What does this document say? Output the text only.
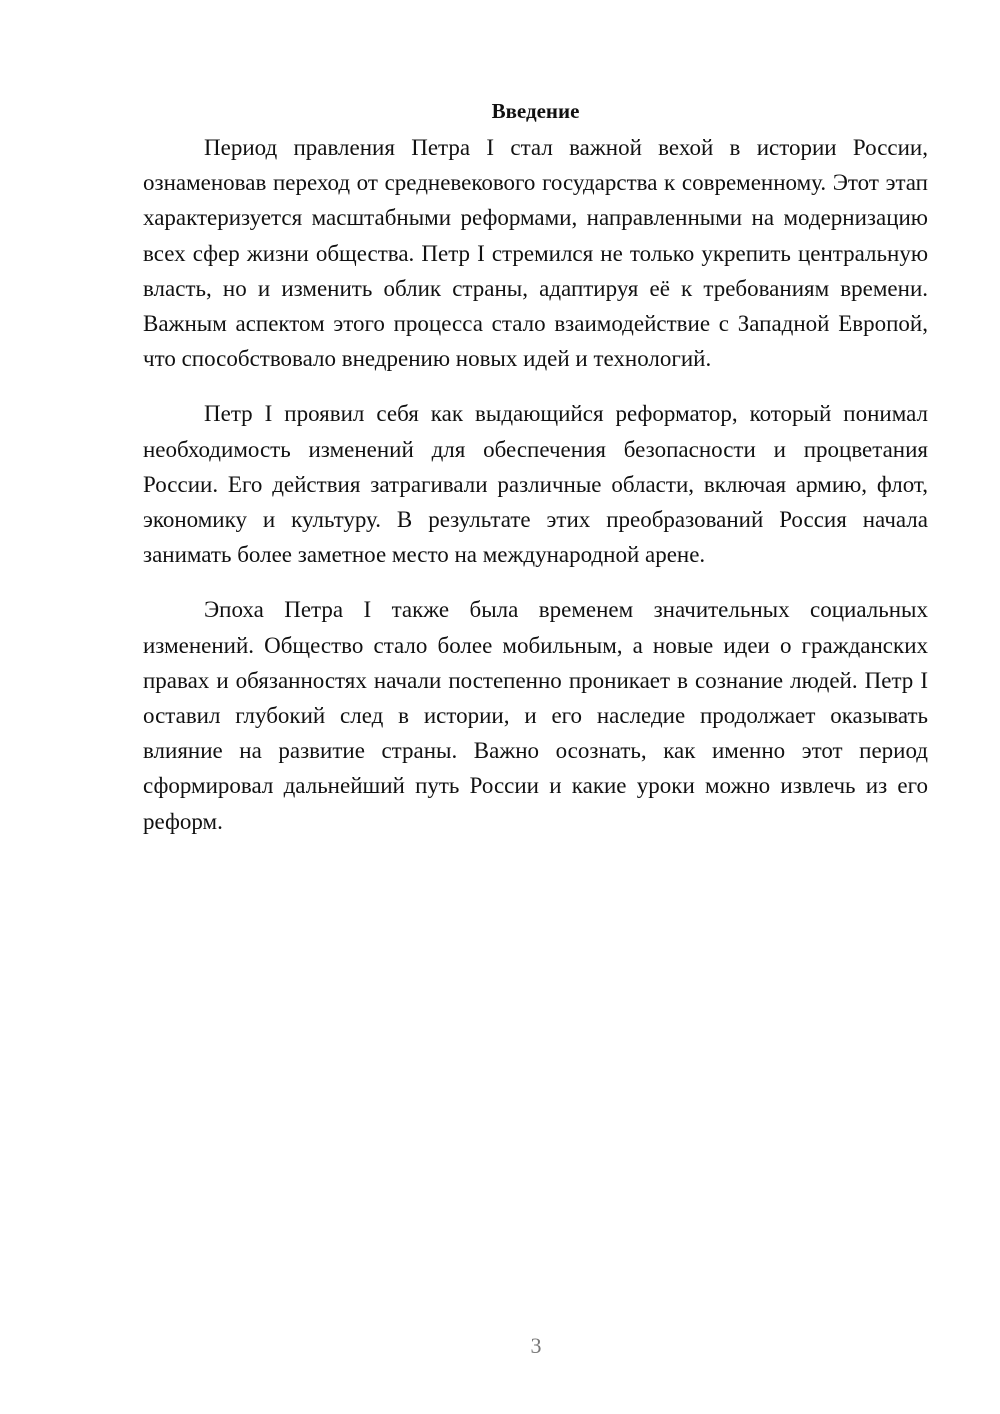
Введение

Период правления Петра I стал важной вехой в истории России, ознаменовав переход от средневекового государства к современному. Этот этап характеризуется масштабными реформами, направленными на модернизацию всех сфер жизни общества. Петр I стремился не только укрепить центральную власть, но и изменить облик страны, адаптируя её к требованиям времени. Важным аспектом этого процесса стало взаимодействие с Западной Европой, что способствовало внедрению новых идей и технологий.

Петр I проявил себя как выдающийся реформатор, который понимал необходимость изменений для обеспечения безопасности и процветания России. Его действия затрагивали различные области, включая армию, флот, экономику и культуру. В результате этих преобразований Россия начала занимать более заметное место на международной арене.

Эпоха Петра I также была временем значительных социальных изменений. Общество стало более мобильным, а новые идеи о гражданских правах и обязанностях начали постепенно проникает в сознание людей. Петр I оставил глубокий след в истории, и его наследие продолжает оказывать влияние на развитие страны. Важно осознать, как именно этот период сформировал дальнейший путь России и какие уроки можно извлечь из его реформ.

3
